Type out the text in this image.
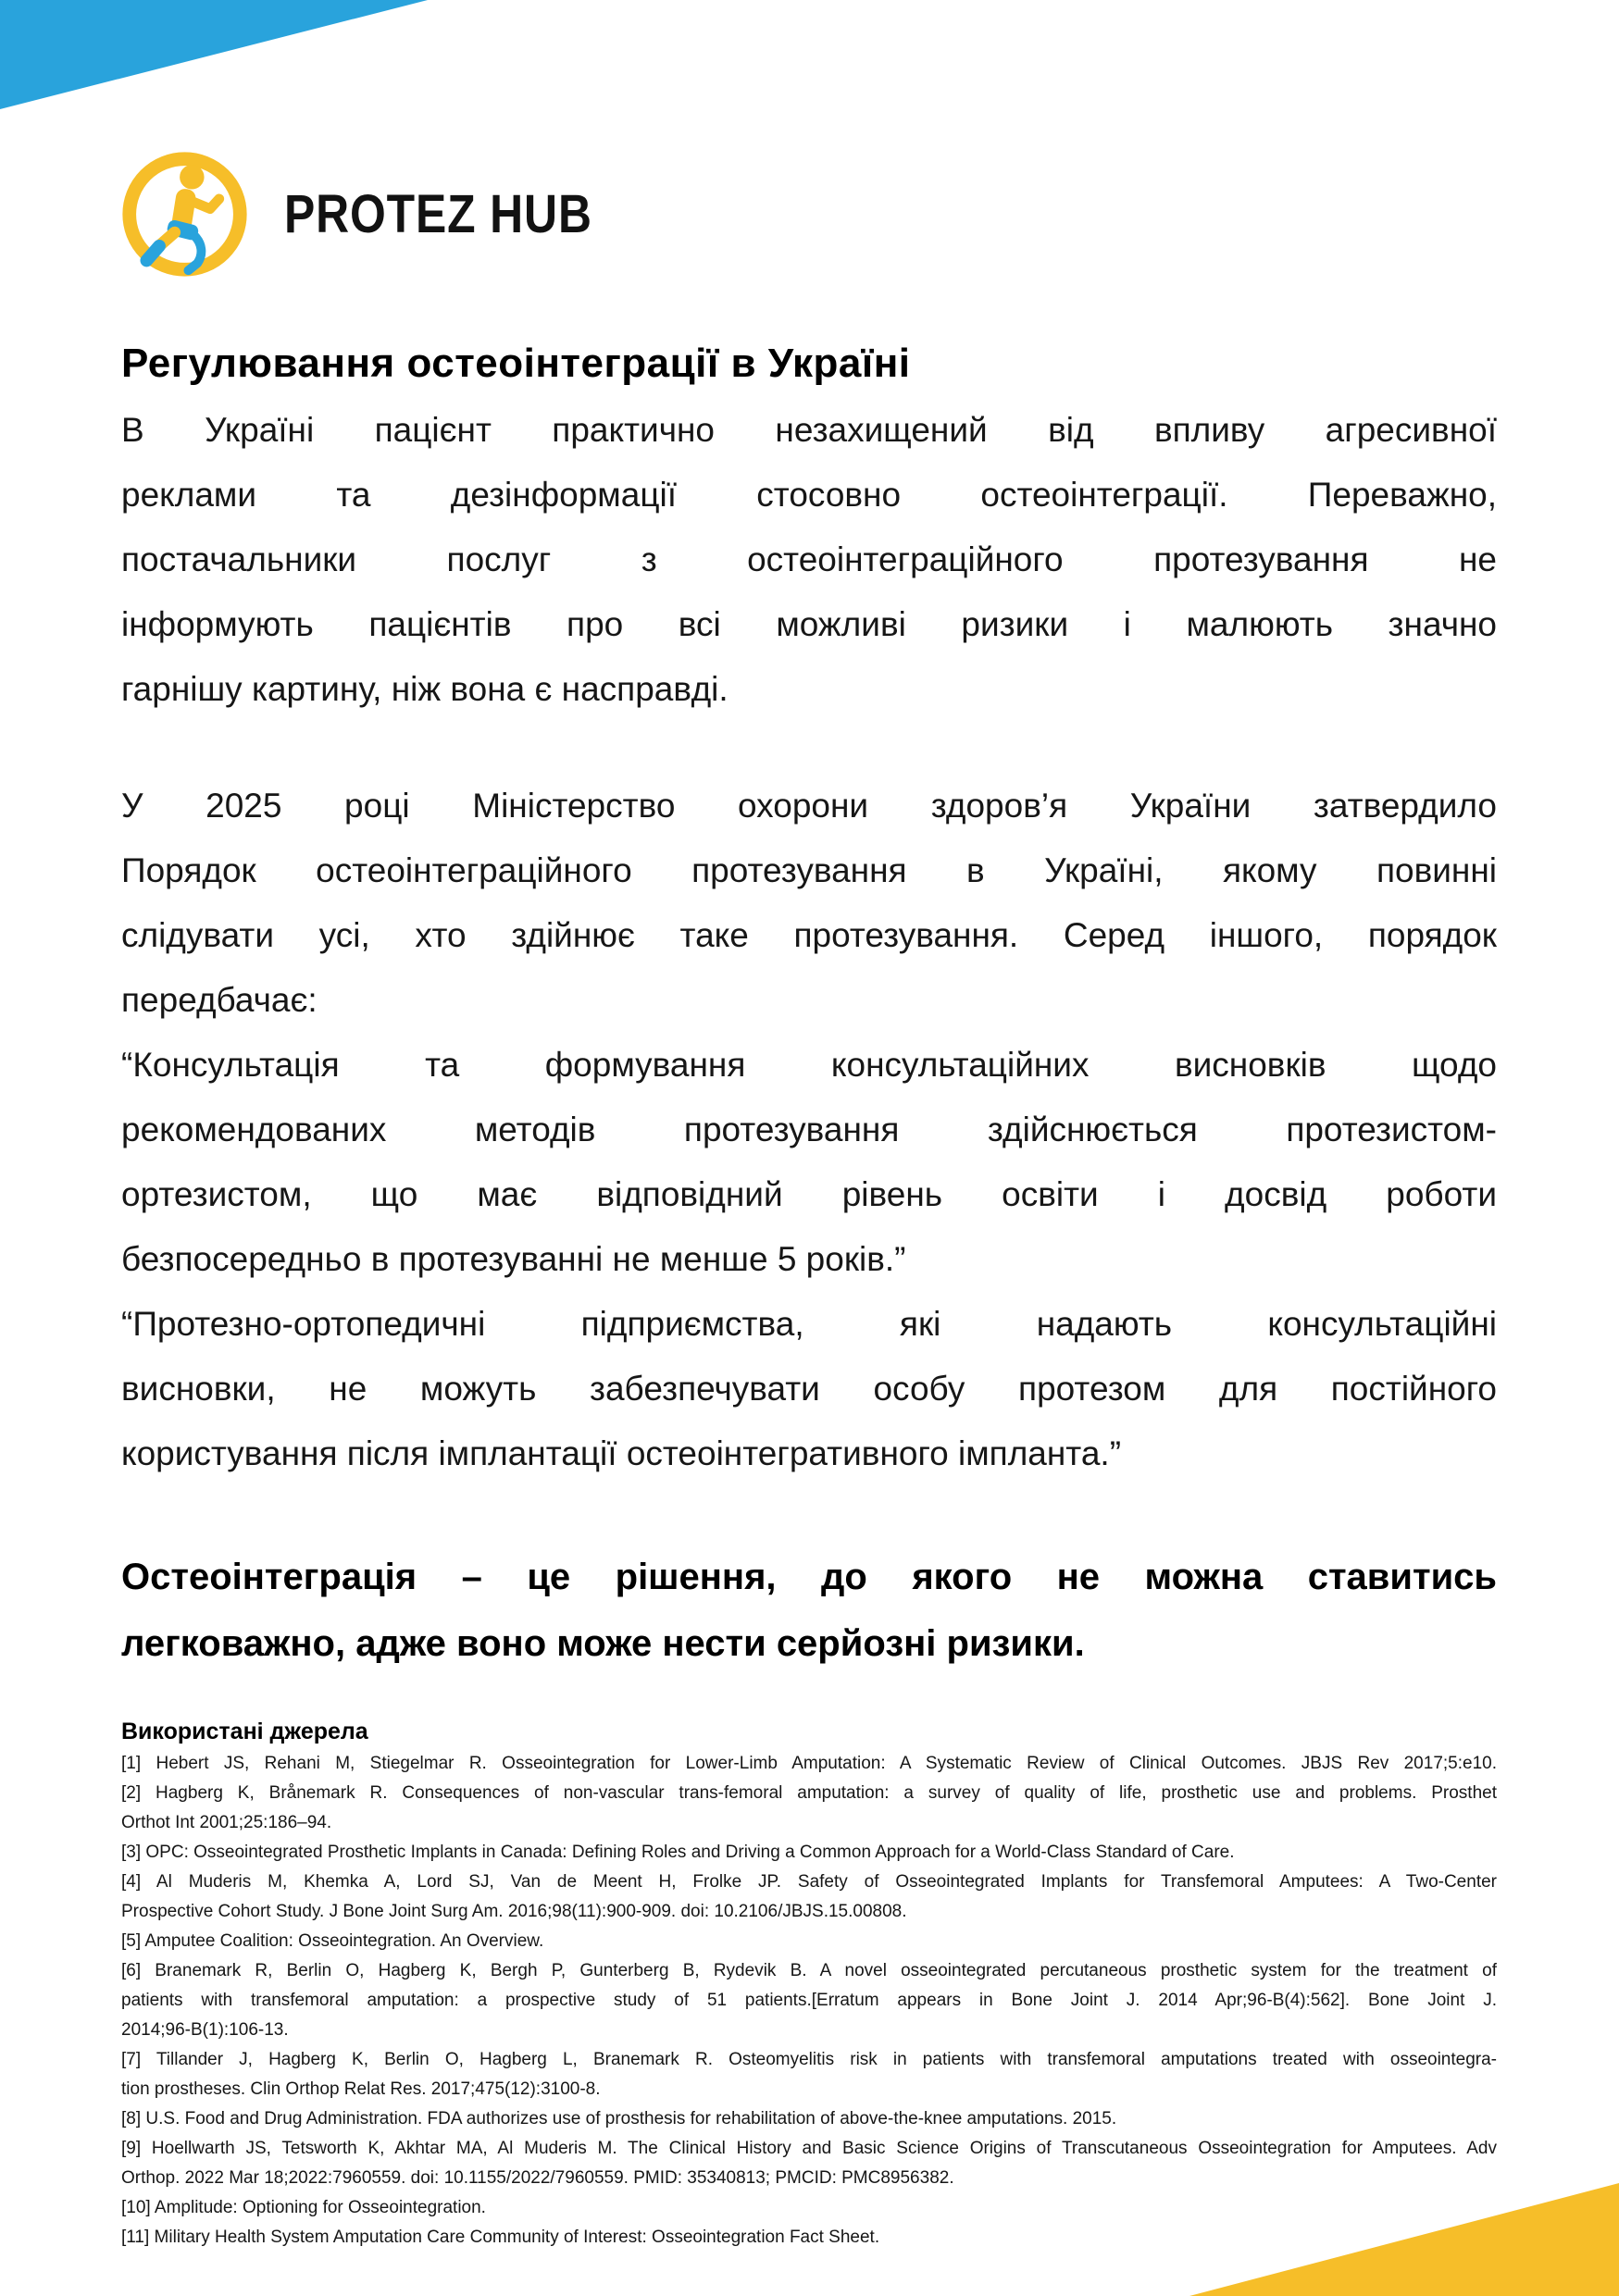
PROTEZ HUB
Регулювання остеоінтеграції в Україні
В Україні пацієнт практично незахищений від впливу агресивної
реклами та дезінформації стосовно остеоінтеграції. Переважно,
постачальники послуг з остеоінтеграційного протезування не
інформують пацієнтів про всі можливі ризики і малюють значно
гарнішу картину, ніж вона є насправді.
У 2025 році Міністерство охорони здоров’я України затвердило
Порядок остеоінтеграційного протезування в Україні, якому повинні
слідувати усі, хто здійнює таке протезування. Серед іншого, порядок
передбачає:
“Консультація та формування консультаційних висновків щодо
рекомендованих методів протезування здійснюється протезистом-
ортезистом, що має відповідний рівень освіти і досвід роботи
безпосередньо в протезуванні не менше 5 років.”
“Протезно-ортопедичні підприємства, які надають консультаційні
висновки, не можуть забезпечувати особу протезом для постійного
користування після імплантації остеоінтегративного імпланта.”
Остеоінтеграція – це рішення, до якого не можна ставитись
легковажно, адже воно може нести серйозні ризики.
Використані джерела
[1] Hebert JS, Rehani M, Stiegelmar R. Osseointegration for Lower-Limb Amputation: A Systematic Review of Clinical Outcomes. JBJS Rev 2017;5:e10.
[2] Hagberg K, Brånemark R. Consequences of non-vascular trans-femoral amputation: a survey of quality of life, prosthetic use and problems. Prosthet
Orthot Int 2001;25:186–94.
[3] OPC: Osseointegrated Prosthetic Implants in Canada: Defining Roles and Driving a Common Approach for a World-Class Standard of Care.
[4] Al Muderis M, Khemka A, Lord SJ, Van de Meent H, Frolke JP. Safety of Osseointegrated Implants for Transfemoral Amputees: A Two-Center
Prospective Cohort Study. J Bone Joint Surg Am. 2016;98(11):900-909. doi: 10.2106/JBJS.15.00808.
[5] Amputee Coalition: Osseointegration. An Overview.
[6] Branemark R, Berlin O, Hagberg K, Bergh P, Gunterberg B, Rydevik B. A novel osseointegrated percutaneous prosthetic system for the treatment of
patients with transfemoral amputation: a prospective study of 51 patients.[Erratum appears in Bone Joint J. 2014 Apr;96-B(4):562]. Bone Joint J.
2014;96-B(1):106-13.
[7] Tillander J, Hagberg K, Berlin O, Hagberg L, Branemark R. Osteomyelitis risk in patients with transfemoral amputations treated with osseointegra-
tion prostheses. Clin Orthop Relat Res. 2017;475(12):3100-8.
[8] U.S. Food and Drug Administration. FDA authorizes use of prosthesis for rehabilitation of above-the-knee amputations. 2015.
[9] Hoellwarth JS, Tetsworth K, Akhtar MA, Al Muderis M. The Clinical History and Basic Science Origins of Transcutaneous Osseointegration for Amputees. Adv
Orthop. 2022 Mar 18;2022:7960559. doi: 10.1155/2022/7960559. PMID: 35340813; PMCID: PMC8956382.
[10] Amplitude: Optioning for Osseointegration.
[11] Military Health System Amputation Care Community of Interest: Osseointegration Fact Sheet.
